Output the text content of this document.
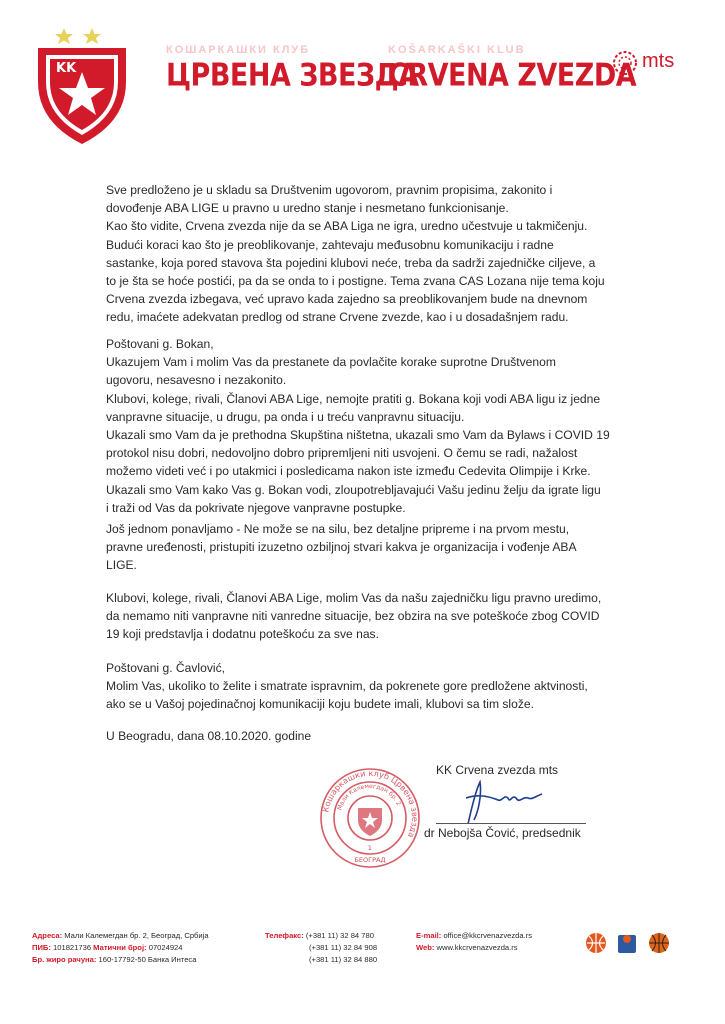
KK
КОШАРКАШКИ КЛУБ	KOŠARKAŠKI KLUB
ЦРВЕНА ЗВЕЗДА
CRVENA ZVEZDA mts
Sve predloženo je u skladu sa Društvenim ugovorom, pravnim propisima, zakonito i
dovođenje ABA LIGE u pravno u uredno stanje i nesmetano funkcionisanje.
Kao što vidite, Crvena zvezda nije da se ABA Liga ne igra, uredno učestvuje u takmičenju.
Budući koraci kao što je preoblikovanje, zahtevaju međusobnu komunikaciju i radne
sastanke, koja pored stavova šta pojedini klubovi neće, treba da sadrži zajedničke ciljeve, a
to je šta se hoće postići, pa da se onda to i postigne. Tema zvana CAS Lozana nije tema koju
Crvena zvezda izbegava, već upravo kada zajedno sa preoblikovanjem bude na dnevnom
redu, imaćete adekvatan predlog od strane Crvene zvezde, kao i u dosadašnjem radu.
Poštovani g. Bokan,
Ukazujem Vam i molim Vas da prestanete da povlačite korake suprotne Društvenom
ugovoru, nesavesno i nezakonito.
Klubovi, kolege, rivali, Članovi ABA Lige, nemojte pratiti g. Bokana koji vodi ABA ligu iz jedne
vanpravne situacije, u drugu, pa onda i u treću vanpravnu situaciju.
Ukazali smo Vam da je prethodna Skupština ništetna, ukazali smo Vam da Bylaws i COVID 19
protokol nisu dobri, nedovoljno dobro pripremljeni niti usvojeni. O čemu se radi, nažalost
možemo videti već i po utakmici i posledicama nakon iste između Cedevita Olimpije i Krke.
Ukazali smo Vam kako Vas g. Bokan vodi, zloupotrebljavajući Vašu jedinu želju da igrate ligu
i traži od Vas da pokrivate njegove vanpravne postupke.
Još jednom ponavljamo - Ne može se na silu, bez detaljne pripreme i na prvom mestu,
pravne uređenosti, pristupiti izuzetno ozbiljnoj stvari kakva je organizacija i vođenje ABA
LIGE.
Klubovi, kolege, rivali, Članovi ABA Lige, molim Vas da našu zajedničku ligu pravno uredimo,
da nemamo niti vanpravne niti vanredne situacije, bez obzira na sve poteškoće zbog COVID
19 koji predstavlja i dodatnu poteškoću za sve nas.
Poštovani g. Čavlović,
Molim Vas, ukoliko to želite i smatrate ispravnim, da pokrenete gore predložene aktvinosti,
ako se u Vašoj pojedinačnoj komunikaciji koju budete imali, klubovi sa tim slože.
U Beogradu, dana 08.10.2020. godine
KK Crvena zvezda mts
dr Nebojša Čović, predsednik
Кошаркашки клуб Црвена звезда
Мали Калемегдан бр. 2
1
БЕОГРАД
Адреса: Мали Калемегдан бр. 2, Београд, Србија
ПИБ: 101821736 Матични број: 07024924
Бр. жиро рачуна: 160-17792-50 Банка Интеса
Телефакс: (+381 11) 32 84 780
(+381 11) 32 84 908
(+381 11) 32 84 880
E-mail: office@kkcrvenazvezda.rs
Web: www.kkcrvenazvezda.rs
